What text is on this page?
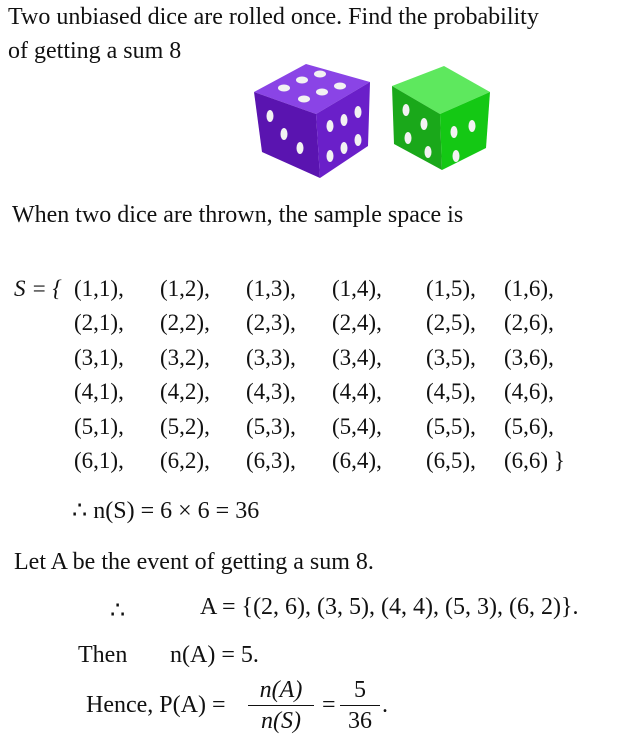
Two unbiased dice are rolled once. Find the probability
of getting a sum 8
When two dice are thrown, the sample space is
S = { (1,1), (1,2), (1,3), (1,4), (1,5), (1,6),
(2,1), (2,2), (2,3), (2,4), (2,5), (2,6),
(3,1), (3,2), (3,3), (3,4), (3,5), (3,6),
(4,1), (4,2), (4,3), (4,4), (4,5), (4,6),
(5,1), (5,2), (5,3), (5,4), (5,5), (5,6),
(6,1), (6,2), (6,3), (6,4), (6,5), (6,6) }
∴ n(S) = 6 × 6 = 36
Let A be the event of getting a sum 8.
∴	A = {(2, 6), (3, 5), (4, 4), (5, 3), (6, 2)}.
Then n(A) = 5.
Hence, P(A) =
n(A)
n(S)
=
5
36
.
